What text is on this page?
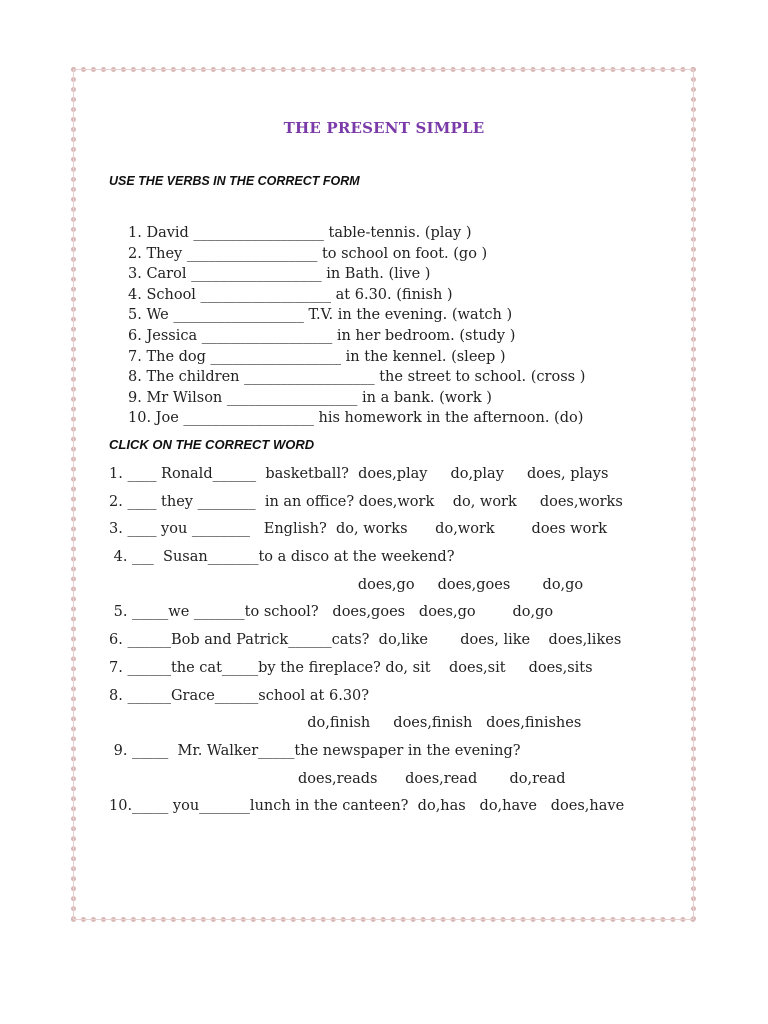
THE PRESENT SIMPLE
USE THE VERBS IN THE CORRECT FORM
1. David __________________ table-tennis. (play )
2. They __________________ to school on foot. (go )
3. Carol __________________ in Bath. (live )
4. School __________________ at 6.30. (finish )
5. We __________________ T.V. in the evening. (watch )
6. Jessica __________________ in her bedroom. (study )
7. The dog __________________ in the kennel. (sleep )
8. The children __________________ the street to school. (cross )
9. Mr Wilson __________________ in a bank. (work )
10. Joe __________________ his homework in the afternoon. (do)
CLICK ON THE CORRECT WORD
1. ____ Ronald______  basketball?  does,play     do,play     does, plays
2. ____ they ________  in an office? does,work    do, work     does,works
3. ____ you ________   English?  do, works      do,work        does work
4. ___  Susan_______to a disco at the weekend?
does,go     does,goes       do,go
5. _____we _______to school?   does,goes   does,go        do,go
6. ______Bob and Patrick______cats?  do,like       does, like    does,likes
7. ______the cat_____by the fireplace? do, sit    does,sit     does,sits
8. ______Grace______school at 6.30?
do,finish     does,finish   does,finishes
9. _____  Mr. Walker_____the newspaper in the evening?
does,reads      does,read       do,read
10._____ you_______lunch in the canteen?  do,has   do,have   does,have
